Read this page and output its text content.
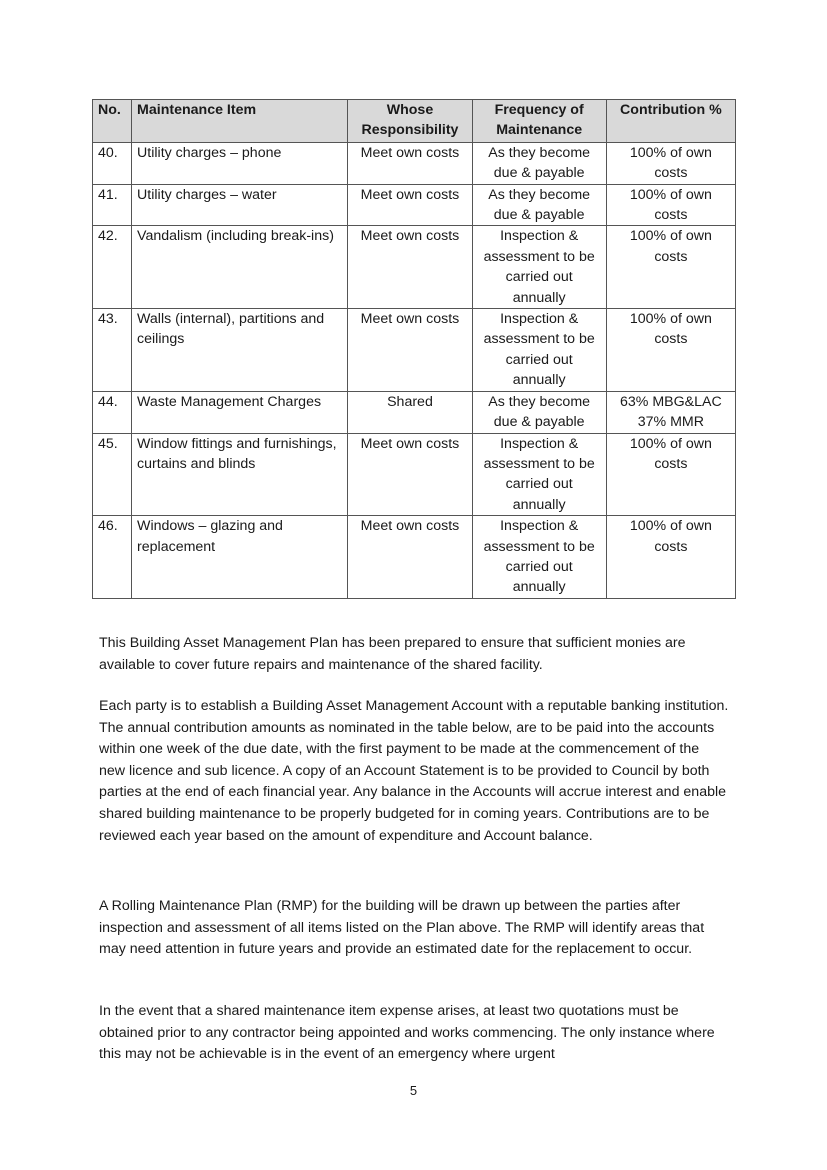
No.	Maintenance Item	Whose Responsibility	Frequency of Maintenance	Contribution %
40.	Utility charges – phone	Meet own costs	As they become due & payable	100% of own costs
41.	Utility charges – water	Meet own costs	As they become due & payable	100% of own costs
42.	Vandalism (including break-ins)	Meet own costs	Inspection & assessment to be carried out annually	100% of own costs
43.	Walls (internal), partitions and ceilings	Meet own costs	Inspection & assessment to be carried out annually	100% of own costs
44.	Waste Management Charges	Shared	As they become due & payable	63% MBG&LAC 37% MMR
45.	Window fittings and furnishings, curtains and blinds	Meet own costs	Inspection & assessment to be carried out annually	100% of own costs
46.	Windows – glazing and replacement	Meet own costs	Inspection & assessment to be carried out annually	100% of own costs

This Building Asset Management Plan has been prepared to ensure that sufficient monies are available to cover future repairs and maintenance of the shared facility.

Each party is to establish a Building Asset Management Account with a reputable banking institution. The annual contribution amounts as nominated in the table below, are to be paid into the accounts within one week of the due date, with the first payment to be made at the commencement of the new licence and sub licence. A copy of an Account Statement is to be provided to Council by both parties at the end of each financial year. Any balance in the Accounts will accrue interest and enable shared building maintenance to be properly budgeted for in coming years. Contributions are to be reviewed each year based on the amount of expenditure and Account balance.

A Rolling Maintenance Plan (RMP) for the building will be drawn up between the parties after inspection and assessment of all items listed on the Plan above. The RMP will identify areas that may need attention in future years and provide an estimated date for the replacement to occur.

In the event that a shared maintenance item expense arises, at least two quotations must be obtained prior to any contractor being appointed and works commencing. The only instance where this may not be achievable is in the event of an emergency where urgent

5
